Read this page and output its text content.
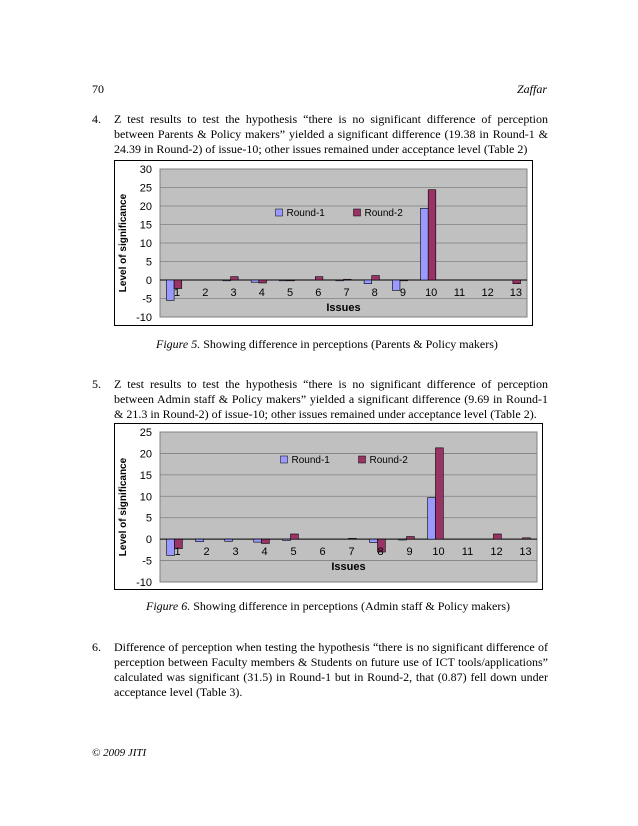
70	Zaffar
4. Z test results to test the hypothesis “there is no significant difference of perception between Parents & Policy makers” yielded a significant difference (19.38 in Round-1 & 24.39 in Round-2) of issue-10; other issues remained under acceptance level (Table 2)
-10
-5
0
5
10
15
20
25
30
1 2 3 4 5 6 7 8 9 10 11 12 13
Issues
Level of significance	Round-1	Round-2
Figure 5. Showing difference in perceptions (Parents & Policy makers)
5. Z test results to test the hypothesis “there is no significant difference of perception between Admin staff & Policy makers” yielded a significant difference (9.69 in Round-1 & 21.3 in Round-2) of issue-10; other issues remained under acceptance level (Table 2).
-10
-5
0
5
10
15
20
25
1 2 3 4 5 6 7 8 9 10 11 12 13
Issues
Level of significance	Round-1	Round-2
Figure 6. Showing difference in perceptions (Admin staff & Policy makers)
6. Difference of perception when testing the hypothesis “there is no significant difference of perception between Faculty members & Students on future use of ICT tools/applications” calculated was significant (31.5) in Round-1 but in Round-2, that (0.87) fell down under acceptance level (Table 3).
© 2009 JITI
